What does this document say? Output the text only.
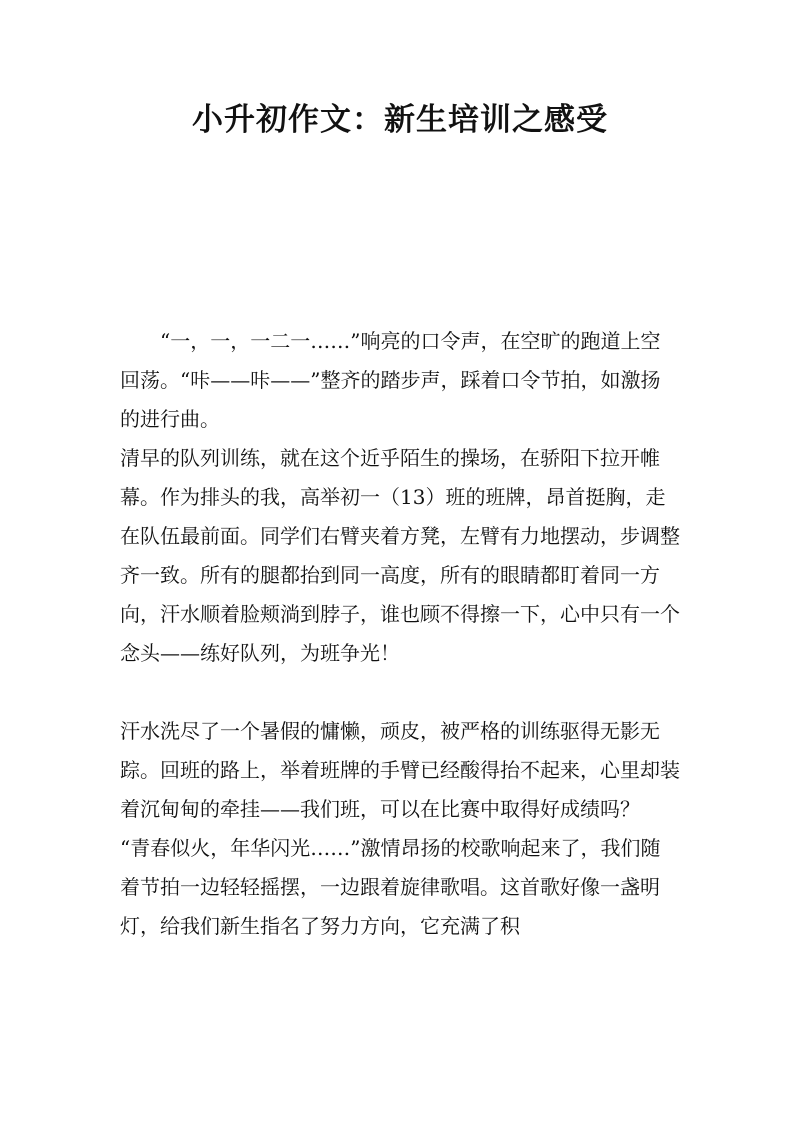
小升初作文：新生培训之感受

“一，一，一二一……”响亮的口令声，在空旷的跑道上空回荡。“咔——咔——”整齐的踏步声，踩着口令节拍，如激扬的进行曲。

清早的队列训练，就在这个近乎陌生的操场，在骄阳下拉开帷幕。作为排头的我，高举初一（13）班的班牌，昂首挺胸，走在队伍最前面。同学们右臂夹着方凳，左臂有力地摆动，步调整齐一致。所有的腿都抬到同一高度，所有的眼睛都盯着同一方向，汗水顺着脸颊淌到脖子，谁也顾不得擦一下，心中只有一个念头——练好队列，为班争光！

汗水洗尽了一个暑假的慵懒，顽皮，被严格的训练驱得无影无踪。回班的路上，举着班牌的手臂已经酸得抬不起来，心里却装着沉甸甸的牵挂——我们班，可以在比赛中取得好成绩吗？

“青春似火，年华闪光……”激情昂扬的校歌响起来了，我们随着节拍一边轻轻摇摆，一边跟着旋律歌唱。这首歌好像一盏明灯，给我们新生指名了努力方向，它充满了积
